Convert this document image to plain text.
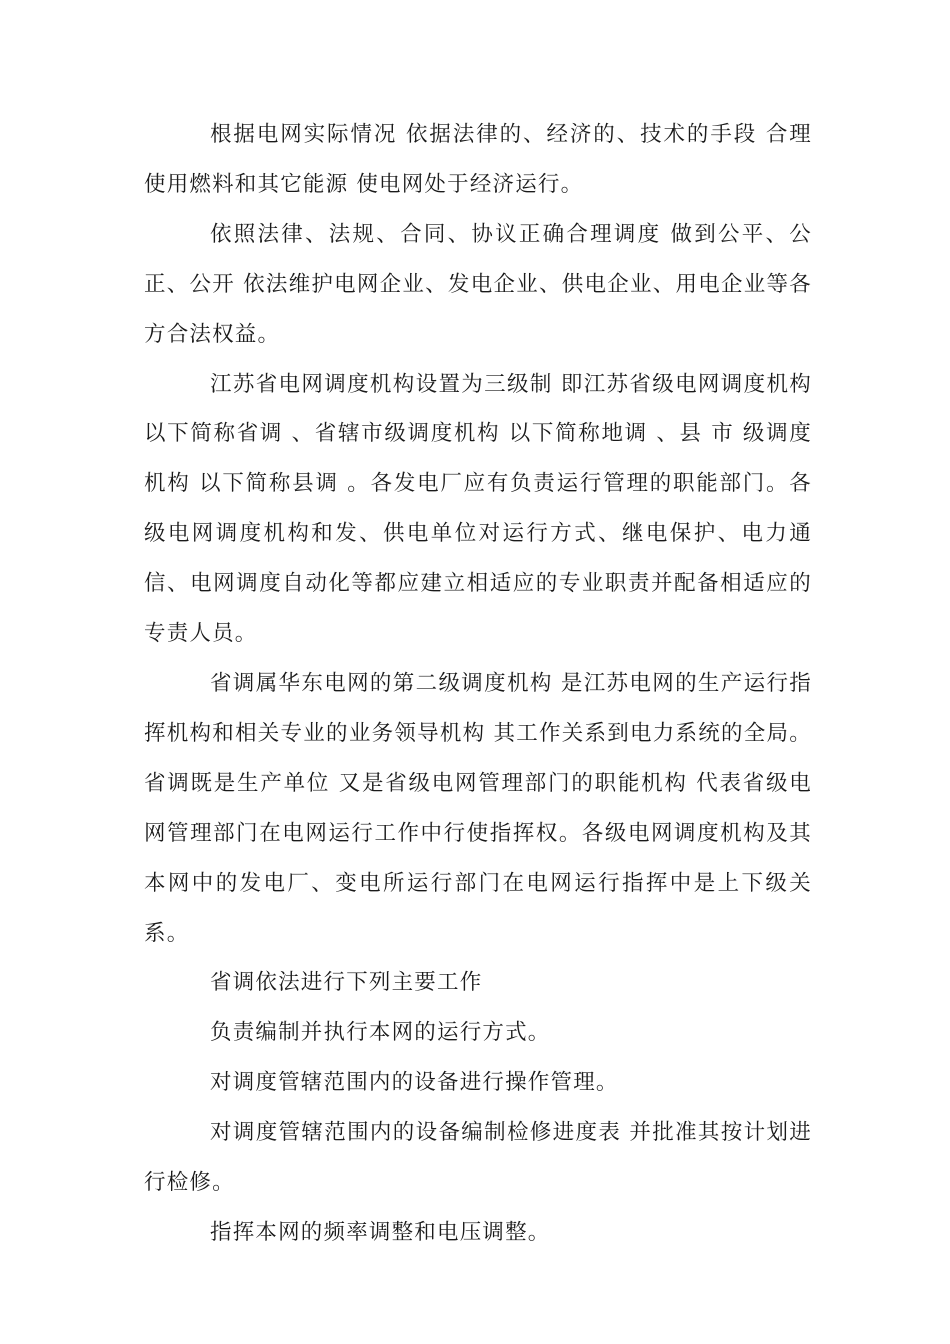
根据电网实际情况 依据法律的、经济的、技术的手段 合理使用燃料和其它能源 使电网处于经济运行。

依照法律、法规、合同、协议正确合理调度 做到公平、公正、公开 依法维护电网企业、发电企业、供电企业、用电企业等各方合法权益。

江苏省电网调度机构设置为三级制 即江苏省级电网调度机构 以下简称省调 、省辖市级调度机构 以下简称地调 、县 市 级调度机构 以下简称县调 。各发电厂应有负责运行管理的职能部门。各级电网调度机构和发、供电单位对运行方式、继电保护、电力通信、电网调度自动化等都应建立相适应的专业职责并配备相适应的专责人员。

省调属华东电网的第二级调度机构 是江苏电网的生产运行指挥机构和相关专业的业务领导机构 其工作关系到电力系统的全局。省调既是生产单位 又是省级电网管理部门的职能机构 代表省级电网管理部门在电网运行工作中行使指挥权。各级电网调度机构及其本网中的发电厂、变电所运行部门在电网运行指挥中是上下级关系。

省调依法进行下列主要工作

负责编制并执行本网的运行方式。

对调度管辖范围内的设备进行操作管理。

对调度管辖范围内的设备编制检修进度表 并批准其按计划进行检修。

指挥本网的频率调整和电压调整。
